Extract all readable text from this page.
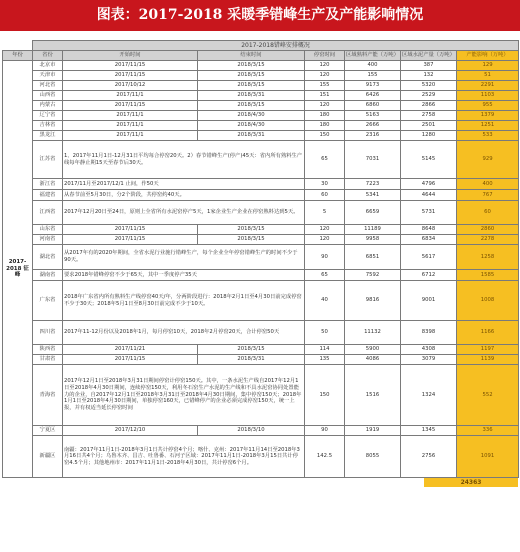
图表：2017-2018 采暖季错峰生产及产能影响情况
	2017-2018错峰安排概况						
年份	省份	开始时间	结束时间	停窑时间	区域熟料产能（万吨）	区域水泥产量（万吨）	产能影响（万吨）
2017-2018 征峰	北京市	2017/11/15	2018/3/15	120	400	387	129
	天津市	2017/11/15	2018/3/15	120	155	132	51
	河北省	2017/10/12	2018/3/15	155	9173	5320	2291
	山西省	2017/11/1	2018/3/31	151	6426	2529	1103
	内蒙古	2017/11/15	2018/3/15	120	6860	2866	955
	辽宁省	2017/11/1	2018/4/30	180	5163	2758	1379
	吉林省	2017/11/1	2018/4/30	180	2666	2501	1251
	黑龙江	2017/11/1	2018/3/31	150	2316	1280	533
	江苏省	1、2017年11月1日-12月31日平均每合停窑20天。2）春节错峰生产(停产)45天：省内所有熟料生产线每年静止期15天至春节后30天。		65	7031	5145	929
	浙江省	2017/11月至2017/12/1 止间，作50天		30	7223	4796	400
	福建省	从春节前至5月30日，分2个阶段，共停窑约40天。		60	5341	4644	767
	江西省	2017年12月20日至24日，原则上全省所有水泥窑停产5天，1家企业生产企业在停窑熟料达到5天。		5	6659	5731	60
	山东省	2017/11/15	2018/3/15	120	11189	8648	2860
	河南省	2017/11/15	2018/3/15	120	9958	6834	2278
	湖北省	从2017年有的2020年期间，全省水泥行业施行错峰生产，每个企业全年停窑错峰生产的时间不少于90天。		90	6851	5617	1258
	湖南省	要求2018年错峰停窑不少于65天，其中一季度停产35天		65	7592	6712	1585
	广东省	2018年广东省内所有熟料生产线停窑40天/年，分两阶段进行：2018年2月1日至4月30日前完成停窑不少于30天；2018年5月1日至8月30日前完成不少于10天。		40	9816	9001	1008
	四川省	2017年11-12月份以及2018年1月，每月停窑10天，2018年2月停窑20天，合计停窑50天		50	11132	8398	1166
	陕西省	2017/11/21	2018/3/15	114	5900	4308	1197
	甘肃省	2017/11/15	2018/3/31	135	4086	3079	1139
	青海省	2017年12月1日至2018年3月31日期间停窑计停窑150天。其中，一条水泥生产线自2017年12月1日至2018年4月30日期间，连续停窑150天，利用冬石窑生产水泥的生产线和不具水泥窑协同处置能力的企业，自2017年12月1日至2018年3月31日至2018年4月30日期间，集中停窑150天；2018年1月1日至2018年4月30日期间，单独停窑160天，已错峰停产的企业必须完成停窑150天，统一上报，并有权适当延长停窑时间		150	1516	1324	552
	宁夏区	2017/12/10	2018/3/10	90	1919	1345	336
	新疆区	南疆：2017年11月1日-2018年3月1日共计停窑4个月；喀什、克州：2017年11月14日至2018年3月16日共4个月；乌鲁木齐、昌吉、吐鲁番、石河子区域：2017年11月1日-2018年3月15日共计停窑4.5个月；其他地州市：2017年11月1日-2018年4月30日，共计停窑6个月。		142.5	8055	2756	1091
24363
